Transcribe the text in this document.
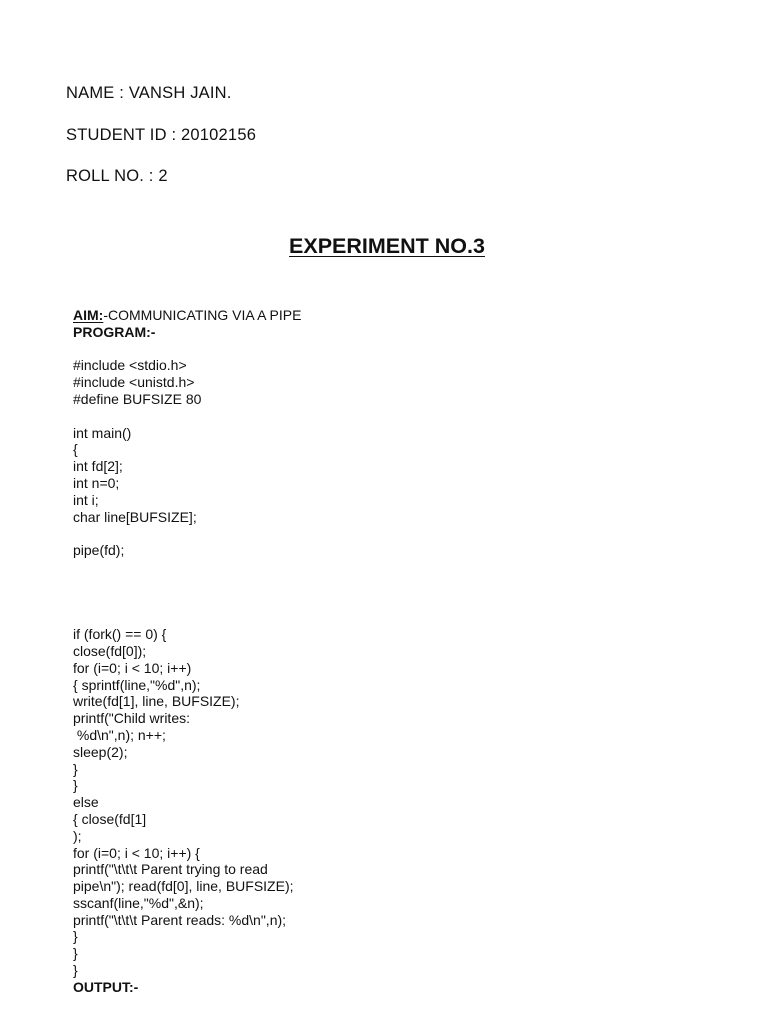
NAME : VANSH JAIN.

STUDENT ID : 20102156

ROLL NO. : 2

EXPERIMENT NO.3
AIM:-COMMUNICATING VIA A PIPE
PROGRAM:-
#include <stdio.h>
#include <unistd.h>
#define BUFSIZE 80
int main()
{
int fd[2];
int n=0;
int i;
char line[BUFSIZE];
pipe(fd);
if (fork() == 0) {
close(fd[0]);
for (i=0; i < 10; i++)
{ sprintf(line,"%d",n);
write(fd[1], line, BUFSIZE);
printf("Child writes:
%d\n",n); n++;
sleep(2);
}
}
else
{ close(fd[1]
);
for (i=0; i < 10; i++) {
printf("\t\t\t Parent trying to read
pipe\n"); read(fd[0], line, BUFSIZE);
sscanf(line,"%d",&n);
printf("\t\t\t Parent reads: %d\n",n);
}
}
}
OUTPUT:-
